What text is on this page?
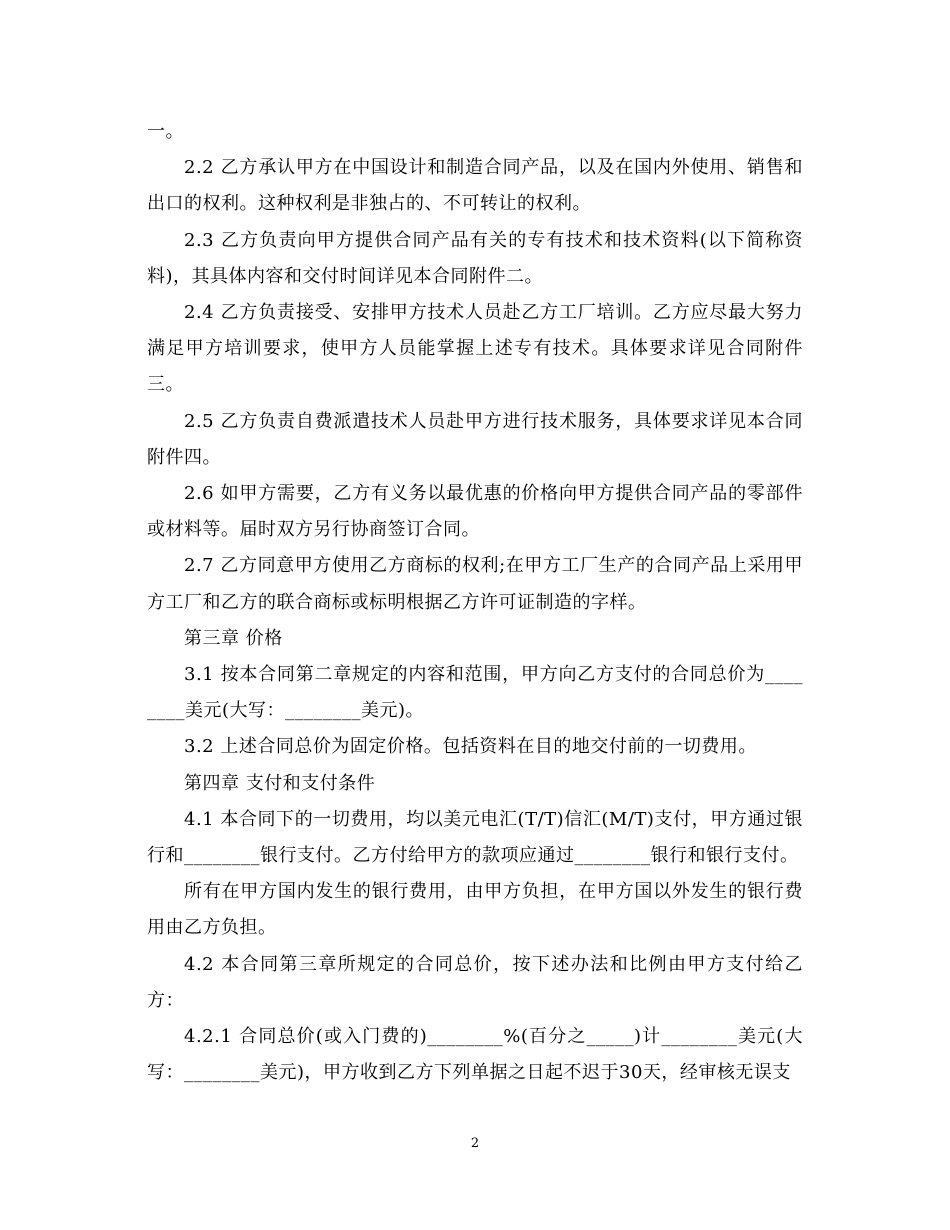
一。

2.2 乙方承认甲方在中国设计和制造合同产品，以及在国内外使用、销售和出口的权利。这种权利是非独占的、不可转让的权利。

2.3 乙方负责向甲方提供合同产品有关的专有技术和技术资料(以下简称资料)，其具体内容和交付时间详见本合同附件二。

2.4 乙方负责接受、安排甲方技术人员赴乙方工厂培训。乙方应尽最大努力满足甲方培训要求，使甲方人员能掌握上述专有技术。具体要求详见合同附件三。

2.5 乙方负责自费派遣技术人员赴甲方进行技术服务，具体要求详见本合同附件四。

2.6 如甲方需要，乙方有义务以最优惠的价格向甲方提供合同产品的零部件或材料等。届时双方另行协商签订合同。

2.7 乙方同意甲方使用乙方商标的权利;在甲方工厂生产的合同产品上采用甲方工厂和乙方的联合商标或标明根据乙方许可证制造的字样。

第三章 价格

3.1 按本合同第二章规定的内容和范围，甲方向乙方支付的合同总价为________美元(大写：________美元)。

3.2 上述合同总价为固定价格。包括资料在目的地交付前的一切费用。

第四章 支付和支付条件

4.1 本合同下的一切费用，均以美元电汇(T/T)信汇(M/T)支付，甲方通过银行和________银行支付。乙方付给甲方的款项应通过________银行和银行支付。

所有在甲方国内发生的银行费用，由甲方负担，在甲方国以外发生的银行费用由乙方负担。

4.2 本合同第三章所规定的合同总价，按下述办法和比例由甲方支付给乙方：

4.2.1 合同总价(或入门费的)________%(百分之_____)计________美元(大写：________美元)，甲方收到乙方下列单据之日起不迟于30天，经审核无误支

2
